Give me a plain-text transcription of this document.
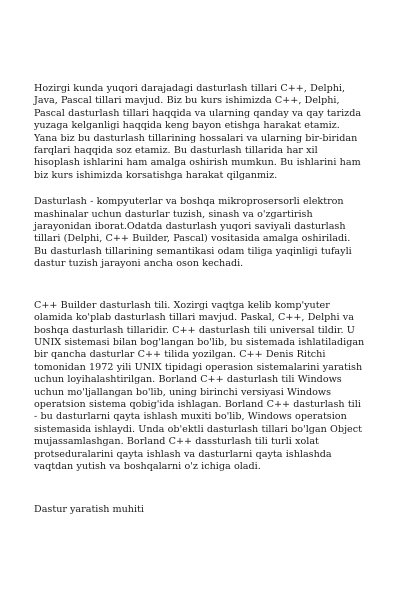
Hozirgi kunda yuqori darajadagi dasturlash tillari C++, Delphi, Java, Pascal tillari mavjud. Biz bu kurs ishimizda C++, Delphi, Pascal dasturlash tillari haqqida va ularning qanday va qay tarizda yuzaga kelganligi haqqida keng bayon etishga harakat etamiz. Yana biz bu dasturlash tillarining hossalari va ularning bir-biridan farqlari haqqida soz etamiz. Bu dasturlash tillarida har xil hisoplash ishlarini ham amalga oshirish mumkun. Bu ishlarini ham biz kurs ishimizda korsatishga harakat qilganmiz.

Dasturlash - kompyuterlar va boshqa mikroprosersorli elektron mashinalar uchun dasturlar tuzish, sinash va o'zgartirish jarayonidan iborat.Odatda dasturlash yuqori saviyali dasturlash tillari (Delphi, C++ Builder, Pascal) vositasida amalga oshiriladi. Bu dasturlash tillarining semantikasi odam tiliga yaqinligi tufayli dastur tuzish jarayoni ancha oson kechadi.

C++ Builder dasturlash tili. Xozirgi vaqtga kelib komp'yuter olamida ko'plab dasturlash tillari mavjud. Paskal, C++, Delphi va boshqa dasturlash tillaridir. C++ dasturlash tili universal tildir. U UNIX sistemasi bilan bog'langan bo'lib, bu sistemada ishlatiladigan bir qancha dasturlar C++ tilida yozilgan. C++ Denis Ritchi tomonidan 1972 yili UNIX tipidagi operasion sistemalarini yaratish uchun loyihalashtirilgan. Borland C++ dasturlash tili Windows uchun mo'ljallangan bo'lib, uning birinchi versiyasi Windows operatsion sistema qobig'ida ishlagan. Borland C++ dasturlash tili - bu dasturlarni qayta ishlash muxiti bo'lib, Windows operatsion sistemasida ishlaydi. Unda ob'ektli dasturlash tillari bo'lgan Object mujassamlashgan. Borland C++ dassturlash tili turli xolat protseduralarini qayta ishlash va dasturlarni qayta ishlashda vaqtdan yutish va boshqalarni o'z ichiga oladi.

Dastur yaratish muhiti
